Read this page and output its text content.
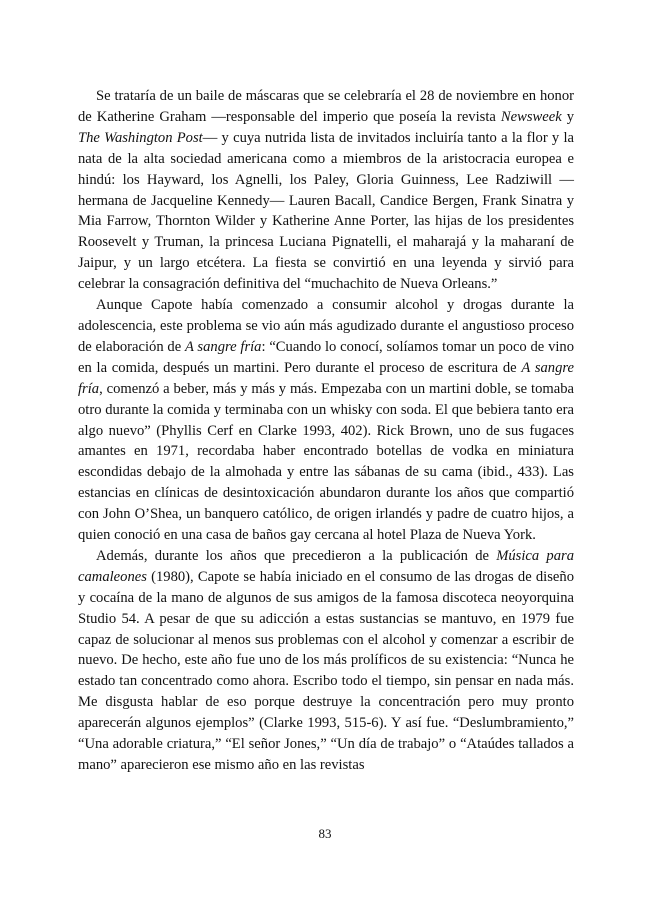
Se trataría de un baile de máscaras que se celebraría el 28 de noviembre en honor de Katherine Graham —responsable del imperio que poseía la revista Newsweek y The Washington Post— y cuya nutrida lista de invitados incluiría tanto a la flor y la nata de la alta sociedad americana como a miembros de la aristocracia europea e hindú: los Hayward, los Agnelli, los Paley, Gloria Guinness, Lee Radziwill —hermana de Jacqueline Kennedy— Lauren Bacall, Candice Bergen, Frank Sinatra y Mia Farrow, Thornton Wilder y Katherine Anne Porter, las hijas de los presidentes Roosevelt y Truman, la princesa Luciana Pignatelli, el maharajá y la maharaní de Jaipur, y un largo etcétera. La fiesta se convirtió en una leyenda y sirvió para celebrar la consagración definitiva del “muchachito de Nueva Orleans.”

Aunque Capote había comenzado a consumir alcohol y drogas durante la adolescencia, este problema se vio aún más agudizado durante el angustioso proceso de elaboración de A sangre fría: “Cuando lo conocí, solíamos tomar un poco de vino en la comida, después un martini. Pero durante el proceso de escritura de A sangre fría, comenzó a beber, más y más y más. Empezaba con un martini doble, se tomaba otro durante la comida y terminaba con un whisky con soda. El que bebiera tanto era algo nuevo” (Phyllis Cerf en Clarke 1993, 402). Rick Brown, uno de sus fugaces amantes en 1971, recordaba haber encontrado botellas de vodka en miniatura escondidas debajo de la almohada y entre las sábanas de su cama (ibid., 433). Las estancias en clínicas de desintoxicación abundaron durante los años que compartió con John O’Shea, un banquero católico, de origen irlandés y padre de cuatro hijos, a quien conoció en una casa de baños gay cercana al hotel Plaza de Nueva York.

Además, durante los años que precedieron a la publicación de Música para camaleones (1980), Capote se había iniciado en el consumo de las drogas de diseño y cocaína de la mano de algunos de sus amigos de la famosa discoteca neoyorquina Studio 54. A pesar de que su adicción a estas sustancias se mantuvo, en 1979 fue capaz de solucionar al menos sus problemas con el alcohol y comenzar a escribir de nuevo. De hecho, este año fue uno de los más prolíficos de su existencia: “Nunca he estado tan concentrado como ahora. Escribo todo el tiempo, sin pensar en nada más. Me disgusta hablar de eso porque destruye la concentración pero muy pronto aparecerán algunos ejemplos” (Clarke 1993, 515-6). Y así fue. “Deslumbramiento,” “Una adorable criatura,” “El señor Jones,” “Un día de trabajo” o “Ataúdes tallados a mano” aparecieron ese mismo año en las revistas

83
